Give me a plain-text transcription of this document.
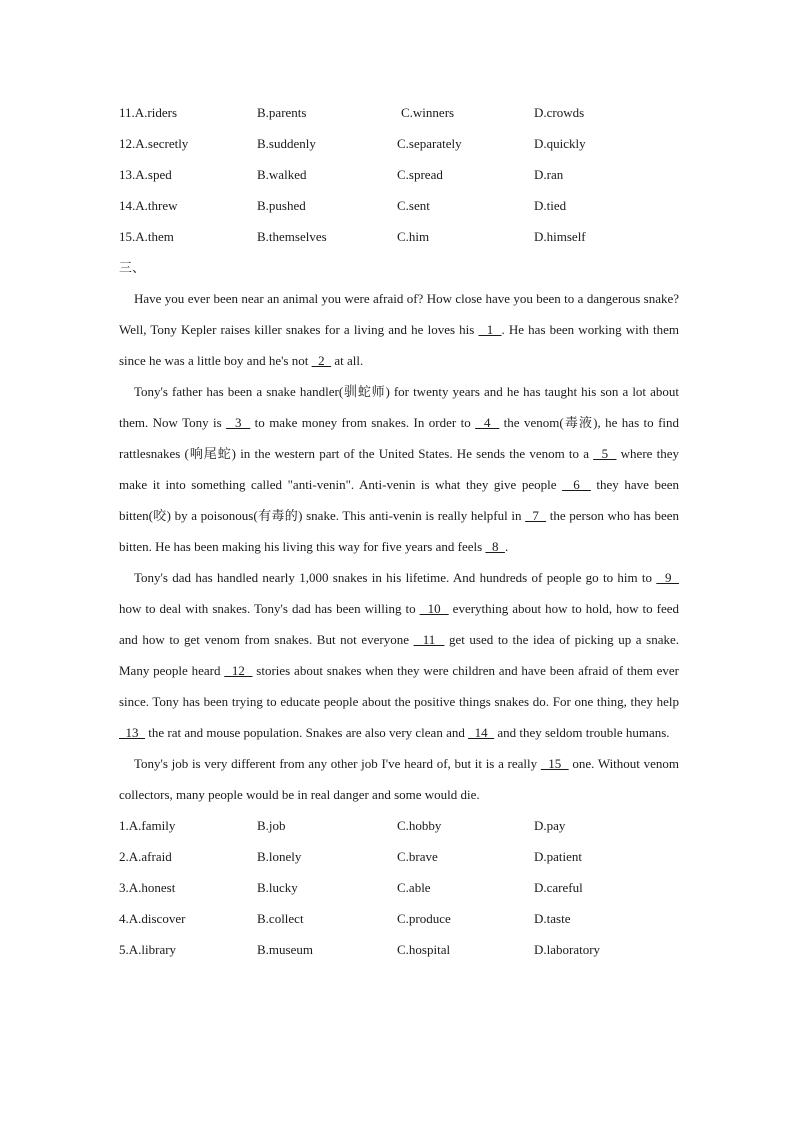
11.A.riders	B.parents	C.winners	D.crowds
12.A.secretly	B.suddenly	C.separately	D.quickly
13.A.sped	B.walked	C.spread	D.ran
14.A.threw	B.pushed	C.sent	D.tied
15.A.them	B.themselves	C.him	D.himself
三、

Have you ever been near an animal you were afraid of? How close have you been to a dangerous snake? Well, Tony Kepler raises killer snakes for a living and he loves his   1  . He has been working with them since he was a little boy and he's not   2   at all.

Tony's father has been a snake handler(驯蛇师) for twenty years and he has taught his son a lot about them. Now Tony is   3   to make money from snakes. In order to   4   the venom(毒液), he has to find rattlesnakes (响尾蛇) in the western part of the United States. He sends the venom to a   5   where they make it into something called "anti-venin". Anti-venin is what they give people   6   they have been bitten(咬) by a poisonous(有毒的) snake. This anti-venin is really helpful in   7   the person who has been bitten. He has been making his living this way for five years and feels   8  .

Tony's dad has handled nearly 1,000 snakes in his lifetime. And hundreds of people go to him to   9   how to deal with snakes. Tony's dad has been willing to   10   everything about how to hold, how to feed and how to get venom from snakes. But not everyone   11   get used to the idea of picking up a snake. Many people heard   12   stories about snakes when they were children and have been afraid of them ever since. Tony has been trying to educate people about the positive things snakes do. For one thing, they help   13   the rat and mouse population. Snakes are also very clean and   14   and they seldom trouble humans.

Tony's job is very different from any other job I've heard of, but it is a really   15   one. Without venom collectors, many people would be in real danger and some would die.

1.A.family	B.job	C.hobby	D.pay
2.A.afraid	B.lonely	C.brave	D.patient
3.A.honest	B.lucky	C.able	D.careful
4.A.discover	B.collect	C.produce	D.taste
5.A.library	B.museum	C.hospital	D.laboratory
